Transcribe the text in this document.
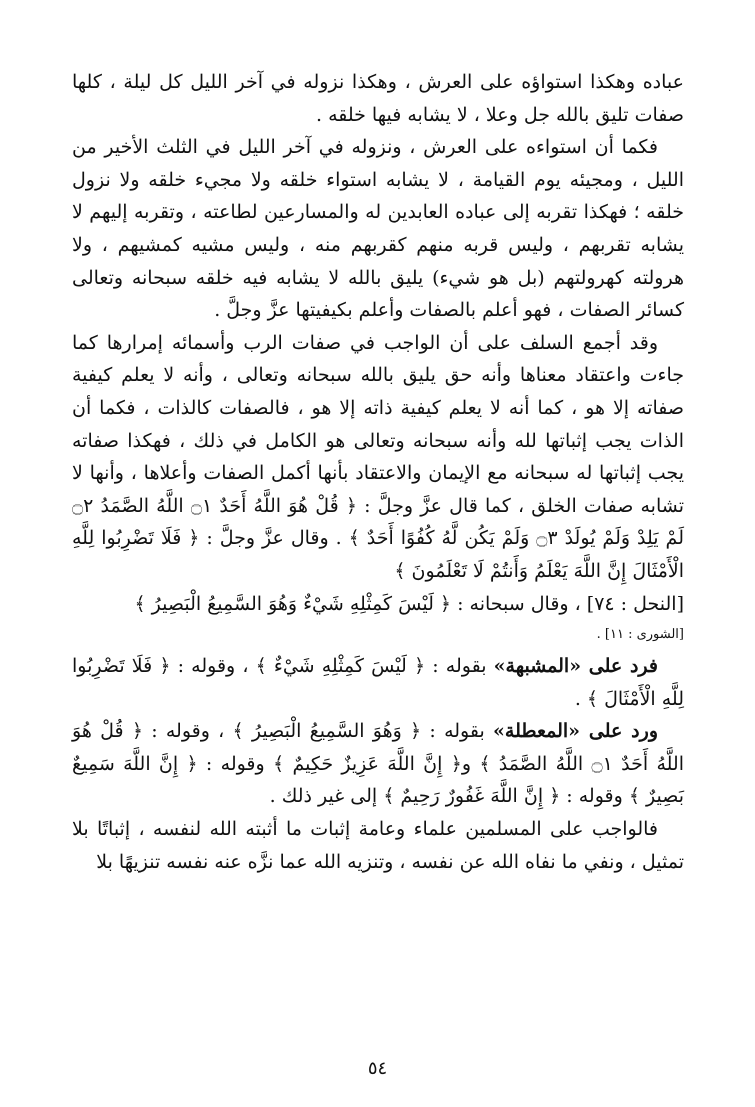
عباده وهكذا استواؤه على العرش ، وهكذا نزوله في آخر الليل كل ليلة ، كلها صفات تليق بالله جل وعلا ، لا يشابه فيها خلقه .

فكما أن استواءه على العرش ، ونزوله في آخر الليل في الثلث الأخير من الليل ، ومجيئه يوم القيامة ، لا يشابه استواء خلقه ولا مجيء خلقه ولا نزول خلقه ؛ فهكذا تقربه إلى عباده العابدين له والمسارعين لطاعته ، وتقربه إليهم لا يشابه تقربهم ، وليس قربه منهم كقربهم منه ، وليس مشيه كمشيهم ، ولا هرولته كهرولتهم (بل هو شيء) يليق بالله لا يشابه فيه خلقه سبحانه وتعالى كسائر الصفات ، فهو أعلم بالصفات وأعلم بكيفيتها عزَّ وجلَّ .

وقد أجمع السلف على أن الواجب في صفات الرب وأسمائه إمرارها كما جاءت واعتقاد معناها وأنه حق يليق بالله سبحانه وتعالى ، وأنه لا يعلم كيفية صفاته إلا هو ، كما أنه لا يعلم كيفية ذاته إلا هو ، فالصفات كالذات ، فكما أن الذات يجب إثباتها لله وأنه سبحانه وتعالى هو الكامل في ذلك ، فهكذا صفاته يجب إثباتها له سبحانه مع الإيمان والاعتقاد بأنها أكمل الصفات وأعلاها ، وأنها لا تشابه صفات الخلق ، كما قال عزَّ وجلَّ : ﴿ قُلْ هُوَ اللَّهُ أَحَدٌ ۝١ اللَّهُ الصَّمَدُ ۝٢ لَمْ يَلِدْ وَلَمْ يُولَدْ ۝٣ وَلَمْ يَكُن لَّهُ كُفُوًا أَحَدٌ ﴾ . وقال عزَّ وجلَّ : ﴿ فَلَا تَضْرِبُوا لِلَّهِ الْأَمْثَالَ إِنَّ اللَّهَ يَعْلَمُ وَأَنتُمْ لَا تَعْلَمُونَ ﴾

[النحل : ٧٤] ، وقال سبحانه : ﴿ لَيْسَ كَمِثْلِهِ شَيْءٌ وَهُوَ السَّمِيعُ الْبَصِيرُ ﴾

[الشورى : ١١] .

فرد على «المشبهة» بقوله : ﴿ لَيْسَ كَمِثْلِهِ شَيْءٌ ﴾ ، وقوله : ﴿ فَلَا تَضْرِبُوا لِلَّهِ الْأَمْثَالَ ﴾ .

ورد على «المعطلة» بقوله : ﴿ وَهُوَ السَّمِيعُ الْبَصِيرُ ﴾ ، وقوله : ﴿ قُلْ هُوَ اللَّهُ أَحَدٌ ۝١ اللَّهُ الصَّمَدُ ﴾ و﴿ إِنَّ اللَّهَ عَزِيزٌ حَكِيمٌ ﴾ وقوله : ﴿ إِنَّ اللَّهَ سَمِيعٌ بَصِيرٌ ﴾ وقوله : ﴿ إِنَّ اللَّهَ غَفُورٌ رَحِيمٌ ﴾ إلى غير ذلك .

فالواجب على المسلمين علماء وعامة إثبات ما أثبته الله لنفسه ، إثباتًا بلا تمثيل ، ونفي ما نفاه الله عن نفسه ، وتنزيه الله عما نزَّه عنه نفسه تنزيهًا بلا

٥٤
